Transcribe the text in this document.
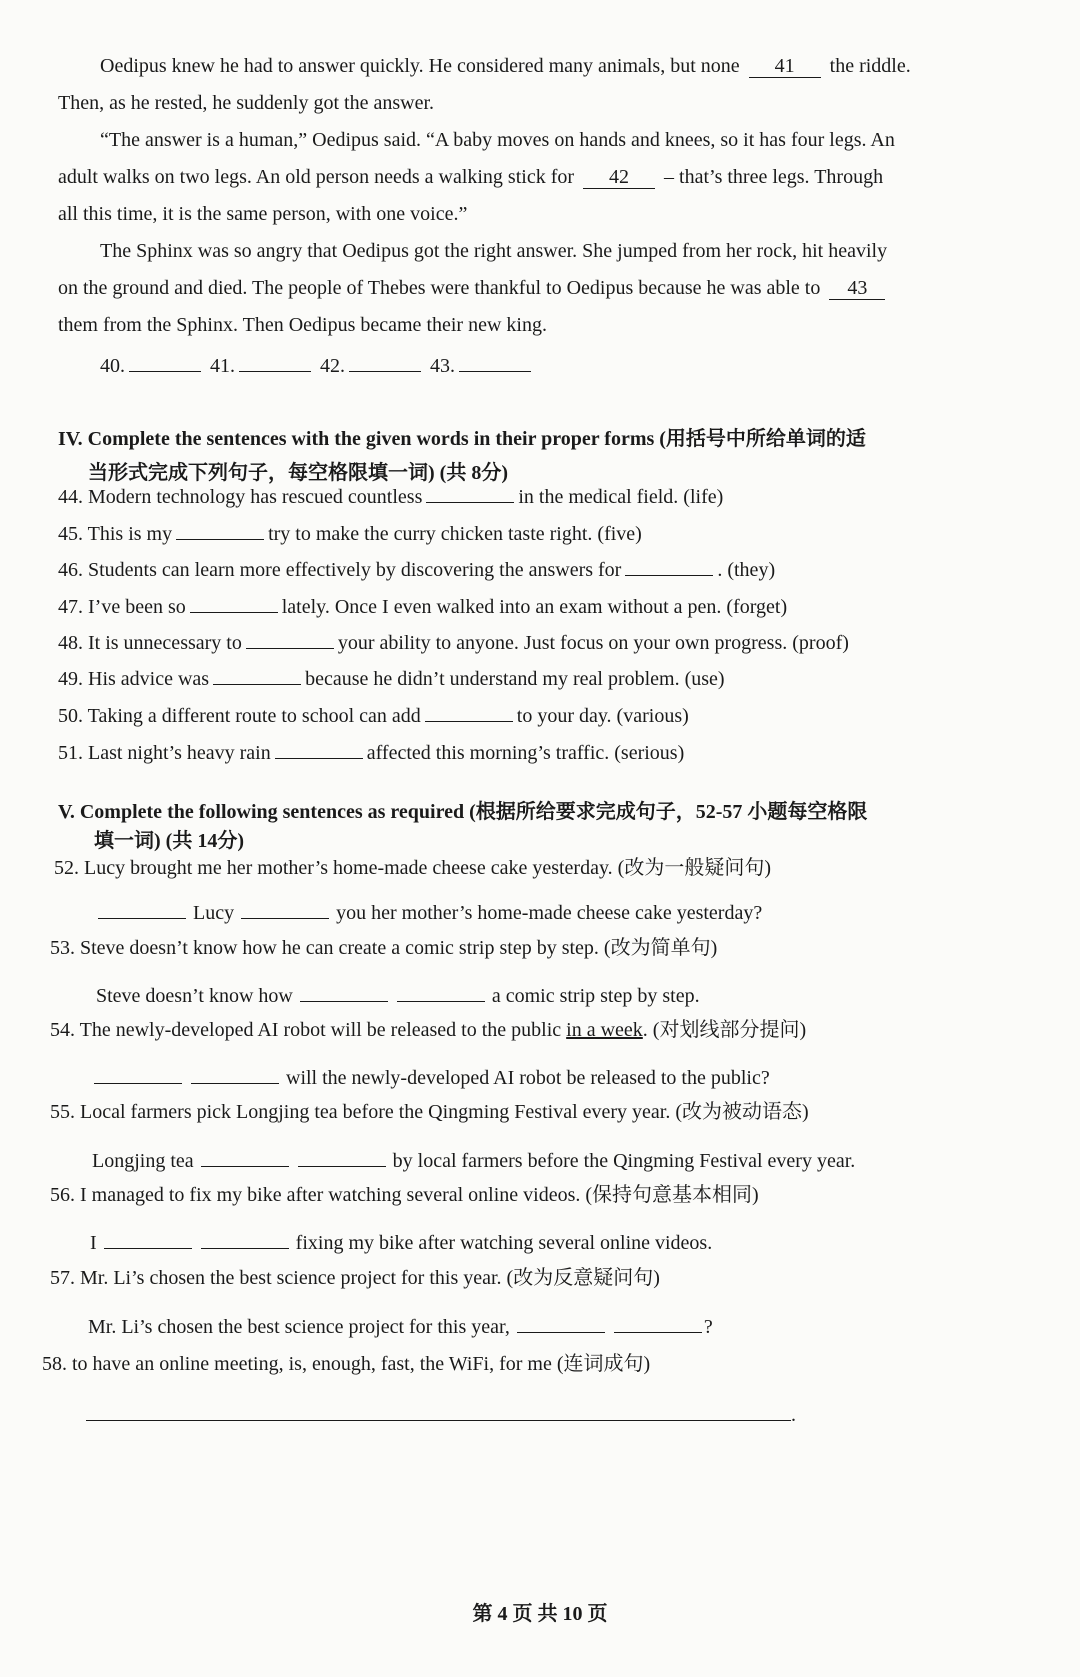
Oedipus knew he had to answer quickly. He considered many animals, but none 41 the riddle.
Then, as he rested, he suddenly got the answer.
“The answer is a human,” Oedipus said. “A baby moves on hands and knees, so it has four legs. An
adult walks on two legs. An old person needs a walking stick for 42 – that’s three legs. Through
all this time, it is the same person, with one voice.”
The Sphinx was so angry that Oedipus got the right answer. She jumped from her rock, hit heavily
on the ground and died. The people of Thebes were thankful to Oedipus because he was able to 43
them from the Sphinx. Then Oedipus became their new king.
40.	41.	42.	43.
IV. Complete the sentences with the given words in their proper forms (用括号中所给单词的适
当形式完成下列句子，每空格限填一词) (共 8分)
44. Modern technology has rescued countless	in the medical field. (life)
45. This is my	try to make the curry chicken taste right. (five)
46. Students can learn more effectively by discovering the answers for	. (they)
47. I’ve been so	lately. Once I even walked into an exam without a pen. (forget)
48. It is unnecessary to	your ability to anyone. Just focus on your own progress. (proof)
49. His advice was	because he didn’t understand my real problem. (use)
50. Taking a different route to school can add	to your day. (various)
51. Last night’s heavy rain	affected this morning’s traffic. (serious)
V. Complete the following sentences as required (根据所给要求完成句子，52-57 小题每空格限
填一词) (共 14分)
52. Lucy brought me her mother’s home-made cheese cake yesterday. (改为一般疑问句)
Lucy	you her mother’s home-made cheese cake yesterday?
53. Steve doesn’t know how he can create a comic strip step by step. (改为简单句)
Steve doesn’t know how	a comic strip step by step.
54. The newly-developed AI robot will be released to the public in a week. (对划线部分提问)
will the newly-developed AI robot be released to the public?
55. Local farmers pick Longjing tea before the Qingming Festival every year. (改为被动语态)
Longjing tea	by local farmers before the Qingming Festival every year.
56. I managed to fix my bike after watching several online videos. (保持句意基本相同)
I	fixing my bike after watching several online videos.
57. Mr. Li’s chosen the best science project for this year. (改为反意疑问句)
Mr. Li’s chosen the best science project for this year,	?
58. to have an online meeting, is, enough, fast, the WiFi, for me (连词成句)
.
第 4 页 共 10 页
